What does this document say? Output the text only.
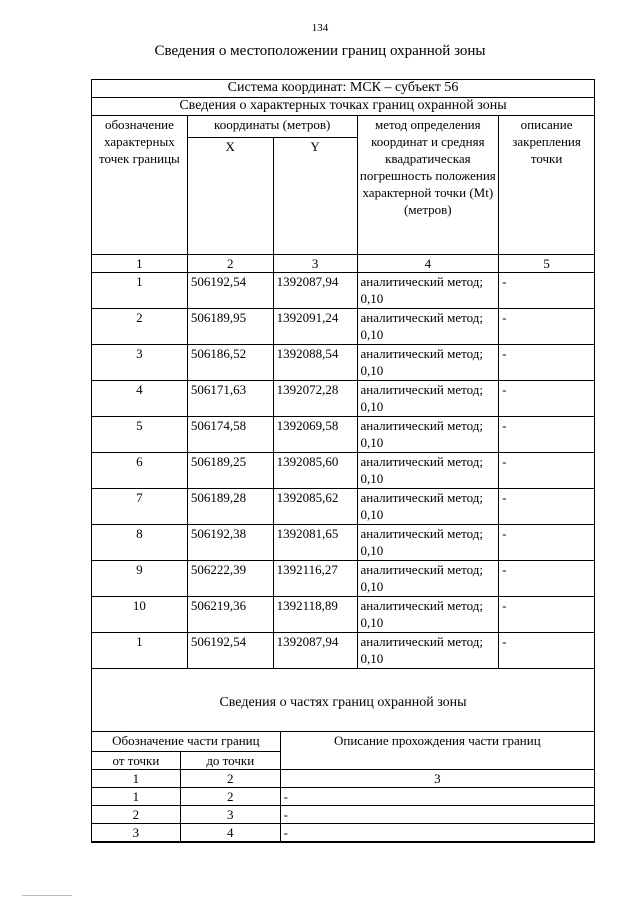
134
Сведения о местоположении границ охранной зоны
Система координат: МСК – субъект 56				
Сведения о характерных точках границ охранной зоны				
обозначение характерных точек границы	координаты (метров)		метод определения координат и средняя квадратическая погрешность положения характерной точки (Mt) (метров)	описание закрепления точки
	X	Y		
1	2	3	4	5
1	506192,54	1392087,94	аналитический метод; 0,10	-
2	506189,95	1392091,24	аналитический метод; 0,10	-
3	506186,52	1392088,54	аналитический метод; 0,10	-
4	506171,63	1392072,28	аналитический метод; 0,10	-
5	506174,58	1392069,58	аналитический метод; 0,10	-
6	506189,25	1392085,60	аналитический метод; 0,10	-
7	506189,28	1392085,62	аналитический метод; 0,10	-
8	506192,38	1392081,65	аналитический метод; 0,10	-
9	506222,39	1392116,27	аналитический метод; 0,10	-
10	506219,36	1392118,89	аналитический метод; 0,10	-
1	506192,54	1392087,94	аналитический метод; 0,10	-
Сведения о частях границ охранной зоны
Обозначение части границ		Описание прохождения части границ
от точки	до точки	
1	2	3
1	2	-
2	3	-
3	4	-
